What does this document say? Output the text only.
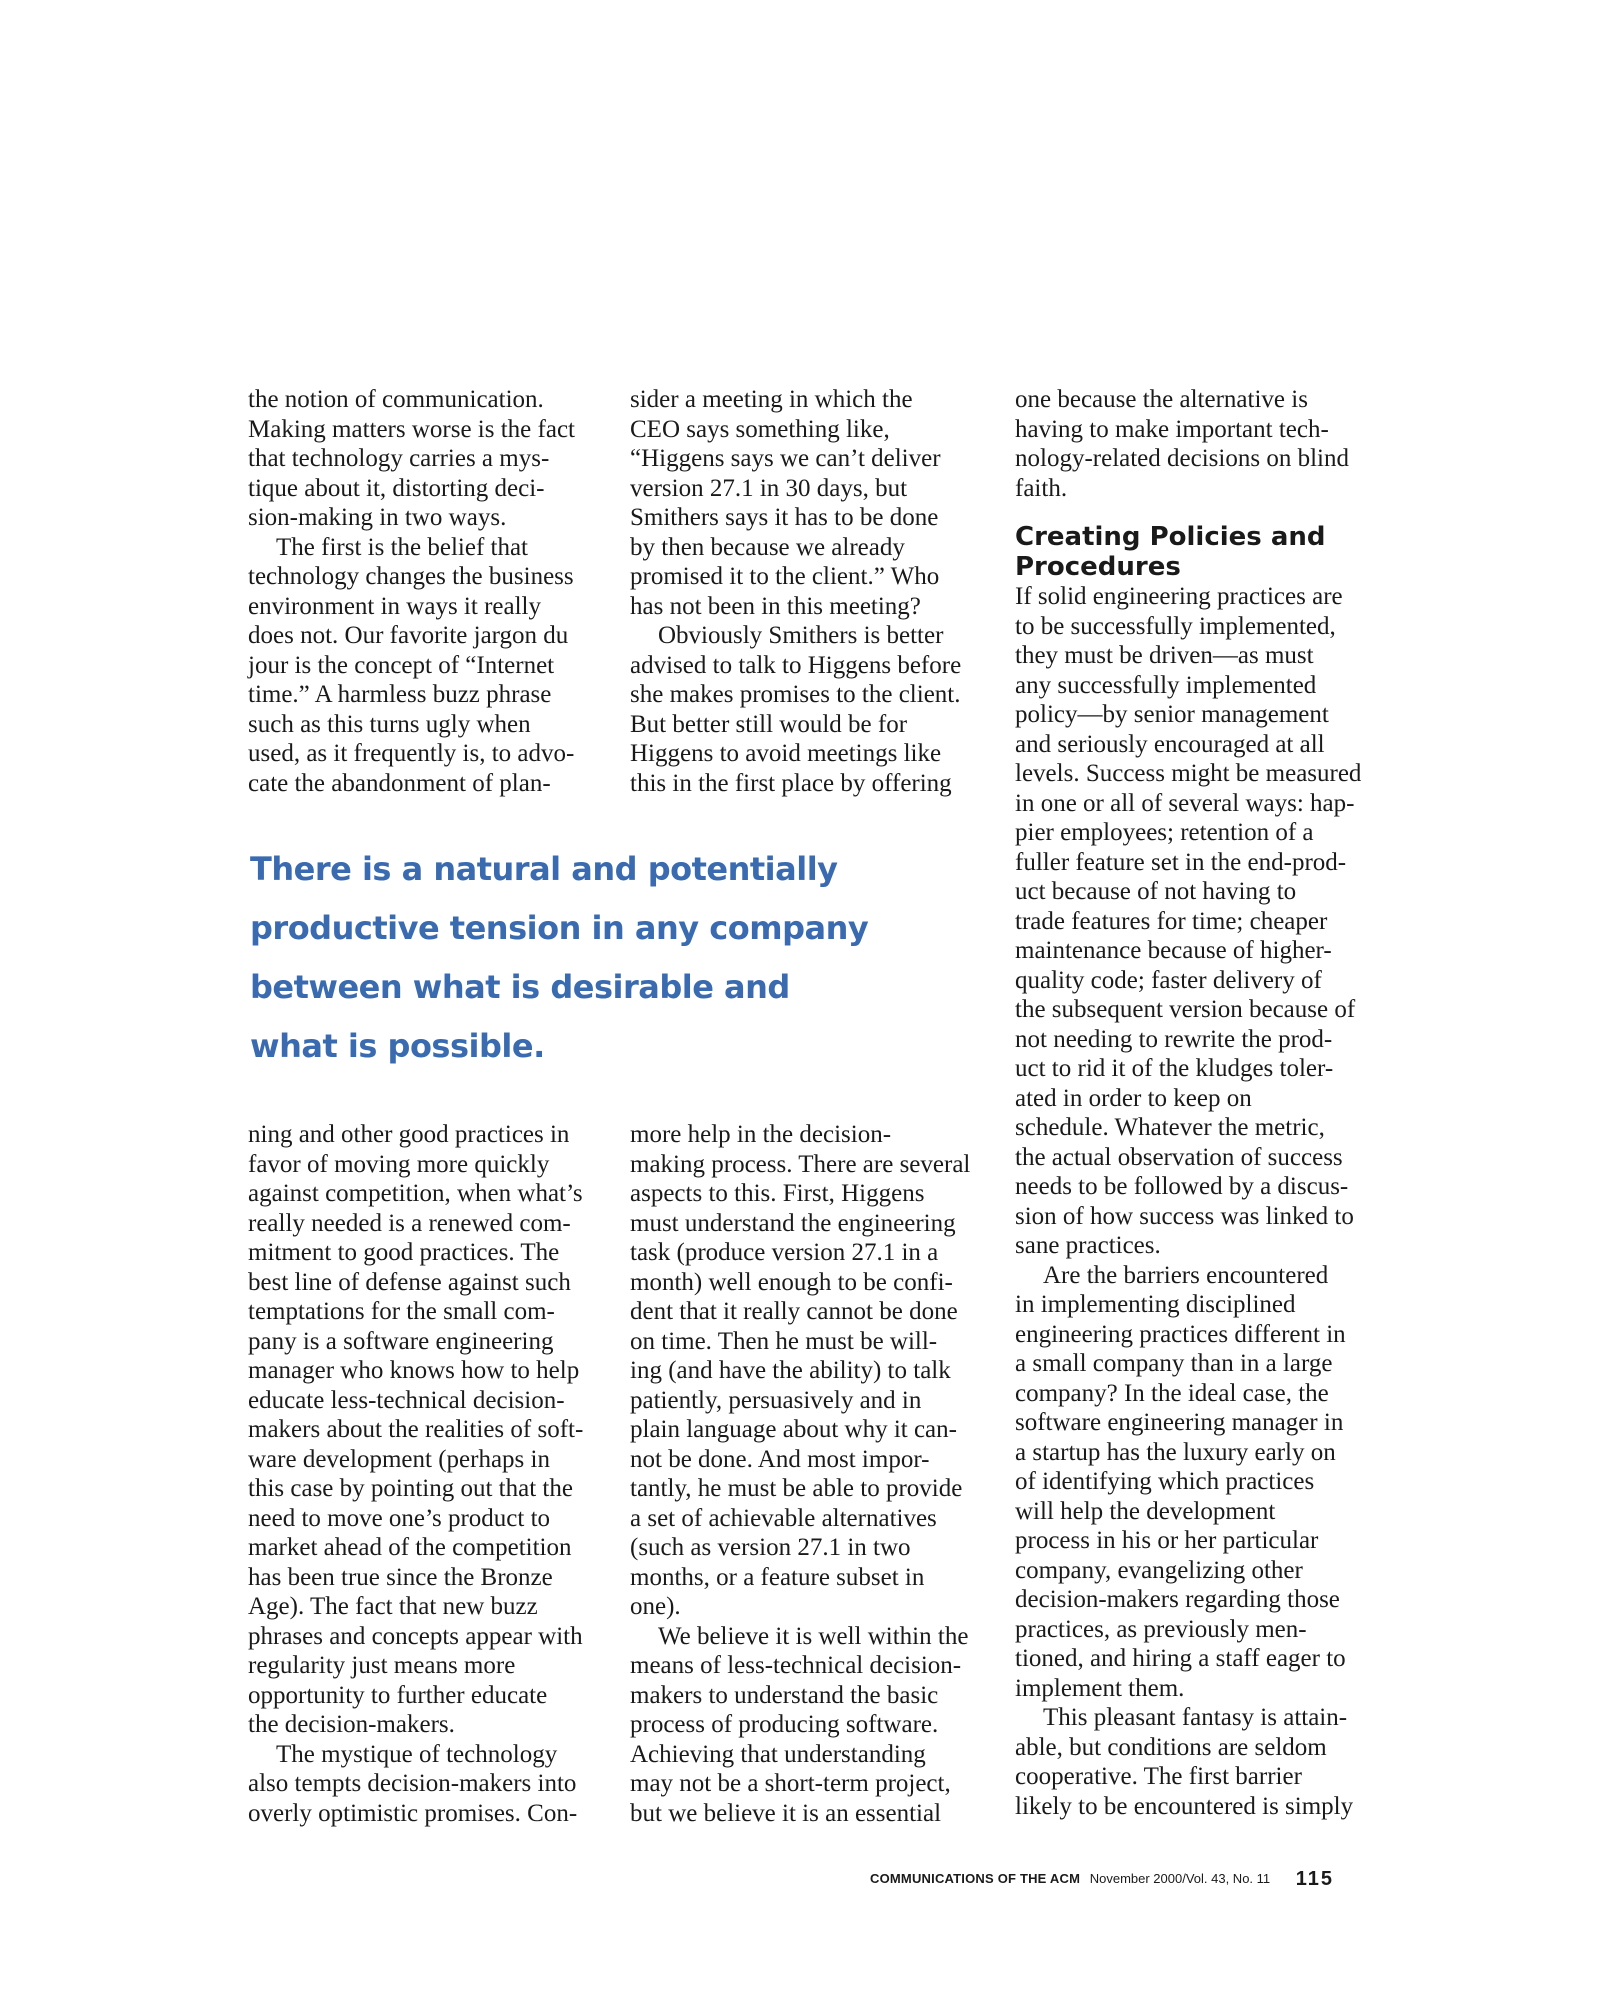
the notion of communication.
Making matters worse is the fact
that technology carries a mys-
tique about it, distorting deci-
sion-making in two ways.
The first is the belief that
technology changes the business
environment in ways it really
does not. Our favorite jargon du
jour is the concept of “Internet
time.” A harmless buzz phrase
such as this turns ugly when
used, as it frequently is, to advo-
cate the abandonment of plan-
sider a meeting in which the
CEO says something like,
“Higgens says we can’t deliver
version 27.1 in 30 days, but
Smithers says it has to be done
by then because we already
promised it to the client.” Who
has not been in this meeting?
Obviously Smithers is better
advised to talk to Higgens before
she makes promises to the client.
But better still would be for
Higgens to avoid meetings like
this in the first place by offering
one because the alternative is
having to make important tech-
nology-related decisions on blind
faith.
Creating Policies and
Procedures
If solid engineering practices are
to be successfully implemented,
they must be driven—as must
any successfully implemented
policy—by senior management
and seriously encouraged at all
levels. Success might be measured
in one or all of several ways: hap-
pier employees; retention of a
fuller feature set in the end-prod-
uct because of not having to
trade features for time; cheaper
maintenance because of higher-
quality code; faster delivery of
the subsequent version because of
not needing to rewrite the prod-
uct to rid it of the kludges toler-
ated in order to keep on
schedule. Whatever the metric,
the actual observation of success
needs to be followed by a discus-
sion of how success was linked to
sane practices.
Are the barriers encountered
in implementing disciplined
engineering practices different in
a small company than in a large
company? In the ideal case, the
software engineering manager in
a startup has the luxury early on
of identifying which practices
will help the development
process in his or her particular
company, evangelizing other
decision-makers regarding those
practices, as previously men-
tioned, and hiring a staff eager to
implement them.
This pleasant fantasy is attain-
able, but conditions are seldom
cooperative. The first barrier
likely to be encountered is simply
There is a natural and potentially
productive tension in any company
between what is desirable and
what is possible.
ning and other good practices in
favor of moving more quickly
against competition, when what’s
really needed is a renewed com-
mitment to good practices. The
best line of defense against such
temptations for the small com-
pany is a software engineering
manager who knows how to help
educate less-technical decision-
makers about the realities of soft-
ware development (perhaps in
this case by pointing out that the
need to move one’s product to
market ahead of the competition
has been true since the Bronze
Age). The fact that new buzz
phrases and concepts appear with
regularity just means more
opportunity to further educate
the decision-makers.
The mystique of technology
also tempts decision-makers into
overly optimistic promises. Con-
more help in the decision-
making process. There are several
aspects to this. First, Higgens
must understand the engineering
task (produce version 27.1 in a
month) well enough to be confi-
dent that it really cannot be done
on time. Then he must be will-
ing (and have the ability) to talk
patiently, persuasively and in
plain language about why it can-
not be done. And most impor-
tantly, he must be able to provide
a set of achievable alternatives
(such as version 27.1 in two
months, or a feature subset in
one).
We believe it is well within the
means of less-technical decision-
makers to understand the basic
process of producing software.
Achieving that understanding
may not be a short-term project,
but we believe it is an essential
COMMUNICATIONS OF THE ACM November 2000/Vol. 43, No. 11 115
